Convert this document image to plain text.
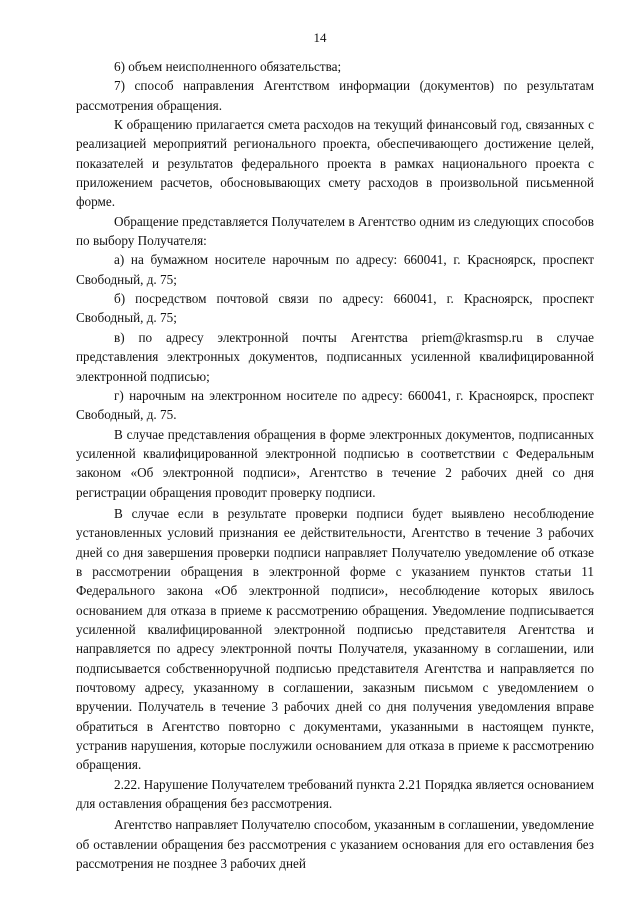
14

6) объем неисполненного обязательства;

7) способ направления Агентством информации (документов) по результатам рассмотрения обращения.

К обращению прилагается смета расходов на текущий финансовый год, связанных с реализацией мероприятий регионального проекта, обеспечивающего достижение целей, показателей и результатов федерального проекта в рамках национального проекта с приложением расчетов, обосновывающих смету расходов в произвольной письменной форме.

Обращение представляется Получателем в Агентство одним из следующих способов по выбору Получателя:

а) на бумажном носителе нарочным по адресу: 660041, г. Красноярск, проспект Свободный, д. 75;

б) посредством почтовой связи по адресу: 660041, г. Красноярск, проспект Свободный, д. 75;

в) по адресу электронной почты Агентства priem@krasmsp.ru в случае представления электронных документов, подписанных усиленной квалифицированной электронной подписью;

г) нарочным на электронном носителе по адресу: 660041, г. Красноярск, проспект Свободный, д. 75.

В случае представления обращения в форме электронных документов, подписанных усиленной квалифицированной электронной подписью в соответствии с Федеральным законом «Об электронной подписи», Агентство в течение 2 рабочих дней со дня регистрации обращения проводит проверку подписи.

В случае если в результате проверки подписи будет выявлено несоблюдение установленных условий признания ее действительности, Агентство в течение 3 рабочих дней со дня завершения проверки подписи направляет Получателю уведомление об отказе в рассмотрении обращения в электронной форме с указанием пунктов статьи 11 Федерального закона «Об электронной подписи», несоблюдение которых явилось основанием для отказа в приеме к рассмотрению обращения. Уведомление подписывается усиленной квалифицированной электронной подписью представителя Агентства и направляется по адресу электронной почты Получателя, указанному в соглашении, или подписывается собственноручной подписью представителя Агентства и направляется по почтовому адресу, указанному в соглашении, заказным письмом с уведомлением о вручении. Получатель в течение 3 рабочих дней со дня получения уведомления вправе обратиться в Агентство повторно с документами, указанными в настоящем пункте, устранив нарушения, которые послужили основанием для отказа в приеме к рассмотрению обращения.

2.22. Нарушение Получателем требований пункта 2.21 Порядка является основанием для оставления обращения без рассмотрения.

Агентство направляет Получателю способом, указанным в соглашении, уведомление об оставлении обращения без рассмотрения с указанием основания для его оставления без рассмотрения не позднее 3 рабочих дней
